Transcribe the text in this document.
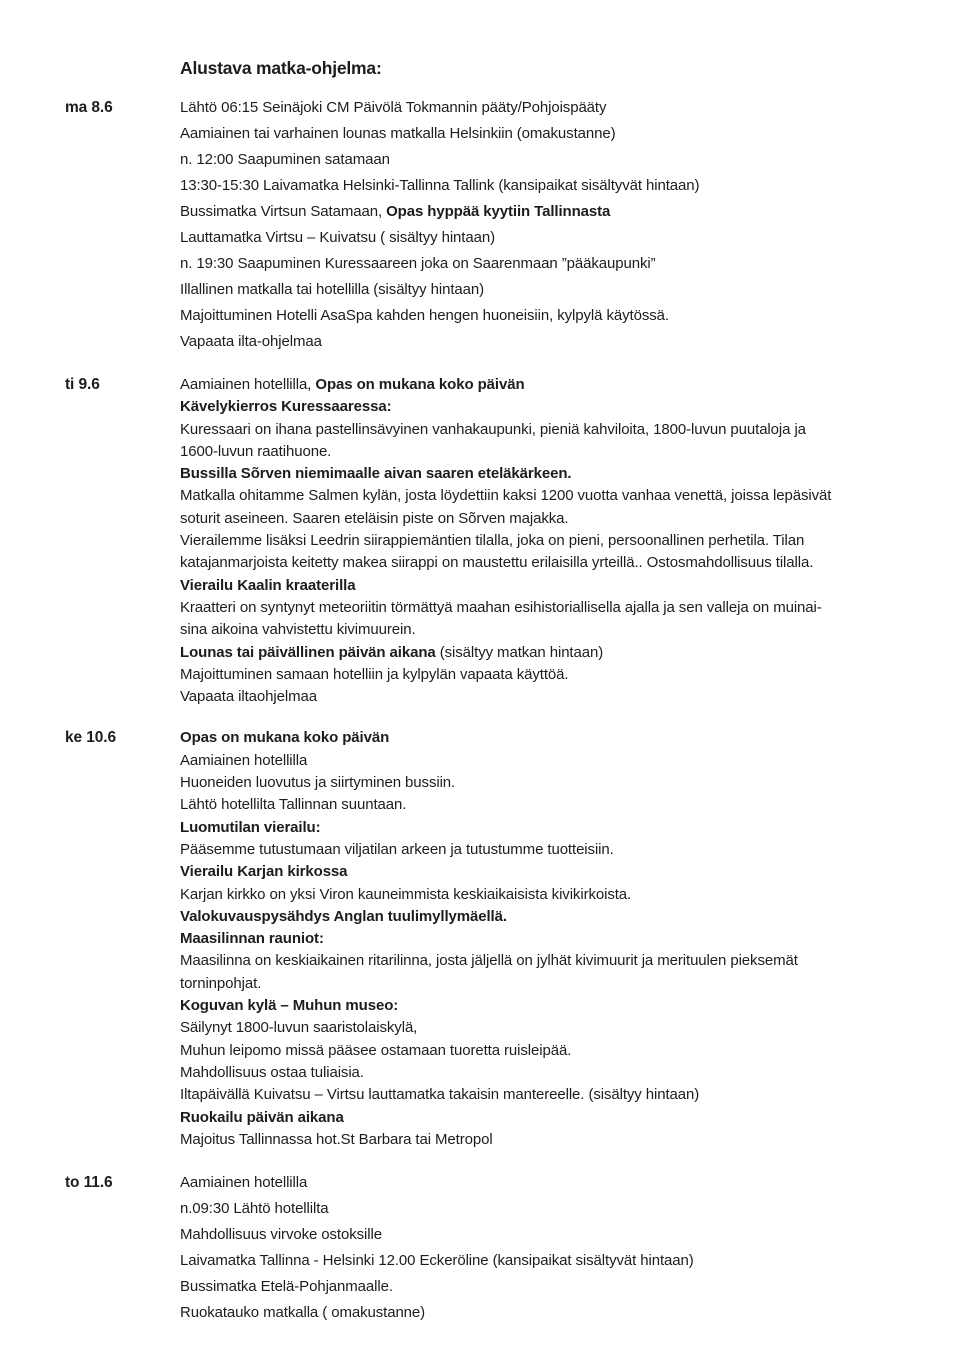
Alustava matka-ohjelma:
ma 8.6	Lähtö 06:15 Seinäjoki CM Päivölä Tokmannin pääty/Pohjoispääty
Aamiainen tai varhainen lounas matkalla Helsinkiin (omakustanne)
n. 12:00 Saapuminen satamaan
13:30-15:30 Laivamatka Helsinki-Tallinna Tallink (kansipaikat sisältyvät hintaan)
Bussimatka Virtsun Satamaan, Opas hyppää kyytiin Tallinnasta
Lauttamatka Virtsu – Kuivatsu ( sisältyy hintaan)
n. 19:30 Saapuminen Kuressaareen joka on Saarenmaan ”pääkaupunki”
Illallinen matkalla tai hotellilla (sisältyy hintaan)
Majoittuminen Hotelli AsaSpa kahden hengen huoneisiin, kylpylä käytössä.
Vapaata ilta-ohjelmaa
ti 9.6	Aamiainen hotellilla, Opas on mukana koko päivän
Kävelykierros Kuressaaressa:
Kuressaari on ihana pastellinsävyinen vanhakaupunki, pieniä kahviloita, 1800-luvun puutaloja ja
1600-luvun raatihuone.
Bussilla Sõrven niemimaalle aivan saaren eteläkärkeen.
Matkalla ohitamme Salmen kylän, josta löydettiin kaksi 1200 vuotta vanhaa venettä, joissa lepäsivät
soturit aseineen. Saaren eteläisin piste on Sõrven majakka.
Vierailemme lisäksi Leedrin siirappiemäntien tilalla, joka on pieni, persoonallinen perhetila. Tilan
katajanmarjoista keitetty makea siirappi on maustettu erilaisilla yrteillä.. Ostosmahdollisuus tilalla.
Vierailu Kaalin kraaterilla
Kraatteri on syntynyt meteoriitin törmättyä maahan esihistoriallisella ajalla ja sen valleja on muinai-
sina aikoina vahvistettu kivimuurein.
Lounas tai päivällinen päivän aikana (sisältyy matkan hintaan)
Majoittuminen samaan hotelliin ja kylpylän vapaata käyttöä.
Vapaata iltaohjelmaa
ke 10.6	Opas on mukana koko päivän
Aamiainen hotellilla
Huoneiden luovutus ja siirtyminen bussiin.
Lähtö hotellilta Tallinnan suuntaan.
Luomutilan vierailu:
Pääsemme tutustumaan viljatilan arkeen ja tutustumme tuotteisiin.
Vierailu Karjan kirkossa
Karjan kirkko on yksi Viron kauneimmista keskiaikaisista kivikirkoista.
Valokuvauspysähdys Anglan tuulimyllymäellä.
Maasilinnan rauniot:
Maasilinna on keskiaikainen ritarilinna, josta jäljellä on jylhät kivimuurit ja merituulen pieksemät
torninpohjat.
Koguvan kylä – Muhun museo:
Säilynyt 1800-luvun saaristolaiskylä,
Muhun leipomo missä pääsee ostamaan tuoretta ruisleipää.
Mahdollisuus ostaa tuliaisia.
Iltapäivällä Kuivatsu – Virtsu lauttamatka takaisin mantereelle. (sisältyy hintaan)
Ruokailu päivän aikana
Majoitus Tallinnassa hot.St Barbara tai Metropol
to 11.6	Aamiainen hotellilla
n.09:30 Lähtö hotellilta
Mahdollisuus virvoke ostoksille
Laivamatka Tallinna - Helsinki 12.00 Eckeröline (kansipaikat sisältyvät hintaan)
Bussimatka Etelä-Pohjanmaalle.
Ruokatauko matkalla ( omakustanne)
